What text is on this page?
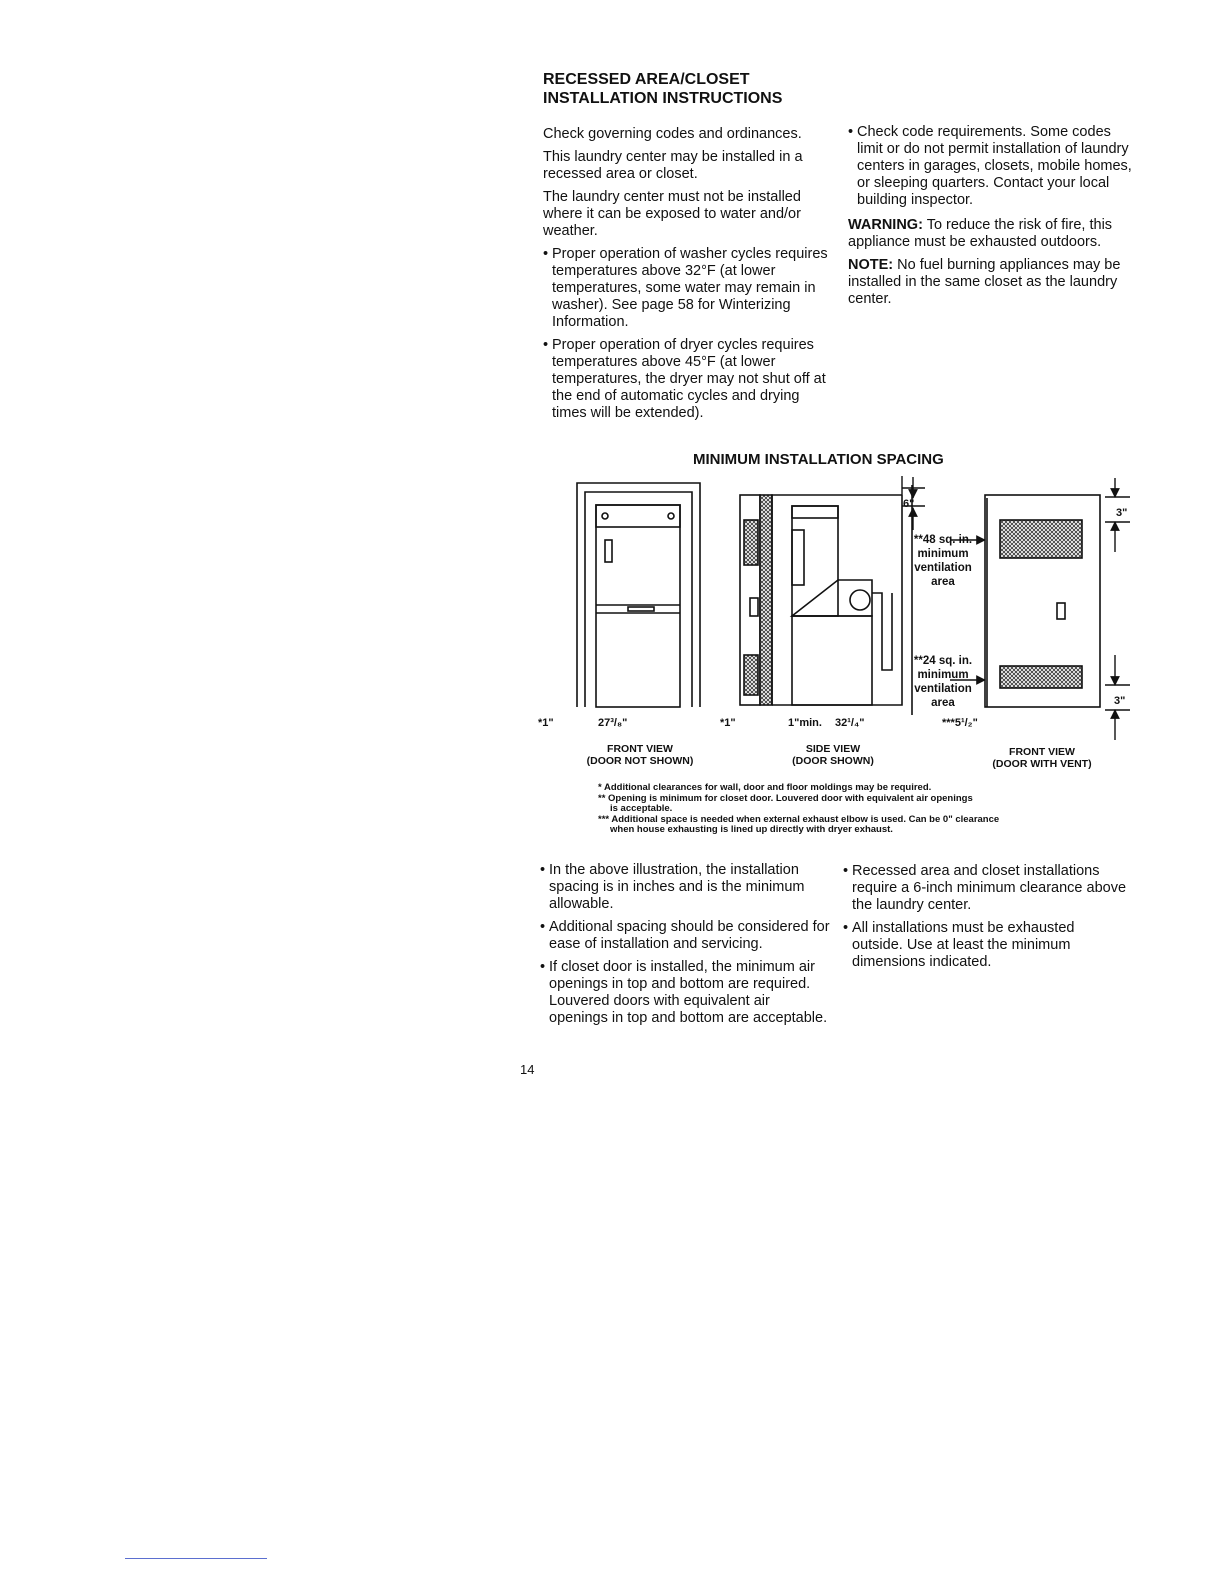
RECESSED AREA/CLOSET
INSTALLATION INSTRUCTIONS

Check governing codes and ordinances.

This laundry center may be installed in a recessed area or closet.

The laundry center must not be installed where it can be exposed to water and/or weather.

• Proper operation of washer cycles requires temperatures above 32°F (at lower temperatures, some water may remain in washer). See page 58 for Winterizing Information.
• Proper operation of dryer cycles requires temperatures above 45°F (at lower temperatures, the dryer may not shut off at the end of automatic cycles and drying times will be extended).
• Check code requirements. Some codes limit or do not permit installation of laundry centers in garages, closets, mobile homes, or sleeping quarters. Contact your local building inspector.

WARNING: To reduce the risk of fire, this appliance must be exhausted outdoors.

NOTE: No fuel burning appliances may be installed in the same closet as the laundry center.

MINIMUM INSTALLATION SPACING
*1"	27³/₈"	*1"	1"min. 32¹/₄"	***5¹/₂"
6"
3"
3"
**48 sq. in.
minimum
ventilation
area
**24 sq. in.
minimum
ventilation
area
FRONT VIEW
(DOOR NOT SHOWN)
SIDE VIEW
(DOOR SHOWN)
FRONT VIEW
(DOOR WITH VENT)
* Additional clearances for wall, door and floor moldings may be required.
** Opening is minimum for closet door. Louvered door with equivalent air openings
is acceptable.
*** Additional space is needed when external exhaust elbow is used. Can be 0" clearance
when house exhausting is lined up directly with dryer exhaust.
• In the above illustration, the installation spacing is in inches and is the minimum allowable.
• Additional spacing should be considered for ease of installation and servicing.
• If closet door is installed, the minimum air openings in top and bottom are required. Louvered doors with equivalent air openings in top and bottom are acceptable.
• Recessed area and closet installations require a 6-inch minimum clearance above the laundry center.
• All installations must be exhausted outside. Use at least the minimum dimensions indicated.
14
